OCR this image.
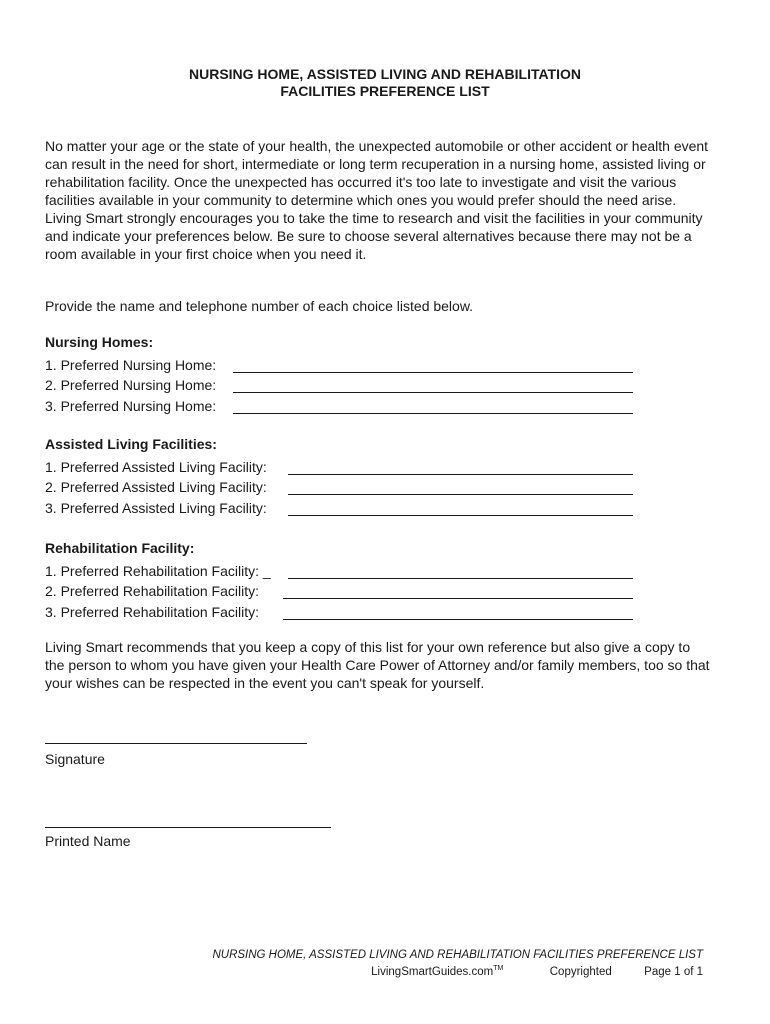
NURSING HOME, ASSISTED LIVING AND REHABILITATION
FACILITIES PREFERENCE LIST

No matter your age or the state of your health, the unexpected automobile or other accident or health event can result in the need for short, intermediate or long term recuperation in a nursing home, assisted living or rehabilitation facility. Once the unexpected has occurred it's too late to investigate and visit the various facilities available in your community to determine which ones you would prefer should the need arise. Living Smart strongly encourages you to take the time to research and visit the facilities in your community and indicate your preferences below. Be sure to choose several alternatives because there may not be a room available in your first choice when you need it.

Provide the name and telephone number of each choice listed below.

Nursing Homes:
1. Preferred Nursing Home:
2. Preferred Nursing Home:
3. Preferred Nursing Home:
Assisted Living Facilities:
1. Preferred Assisted Living Facility:
2. Preferred Assisted Living Facility:
3. Preferred Assisted Living Facility:
Rehabilitation Facility:
1. Preferred Rehabilitation Facility: _
2. Preferred Rehabilitation Facility:
3. Preferred Rehabilitation Facility:

Living Smart recommends that you keep a copy of this list for your own reference but also give a copy to the person to whom you have given your Health Care Power of Attorney and/or family members, too so that your wishes can be respected in the event you can't speak for yourself.

Signature
Printed Name
NURSING HOME, ASSISTED LIVING AND REHABILITATION FACILITIES PREFERENCE LIST
LivingSmartGuides.com™	Copyrighted	Page 1 of 1
